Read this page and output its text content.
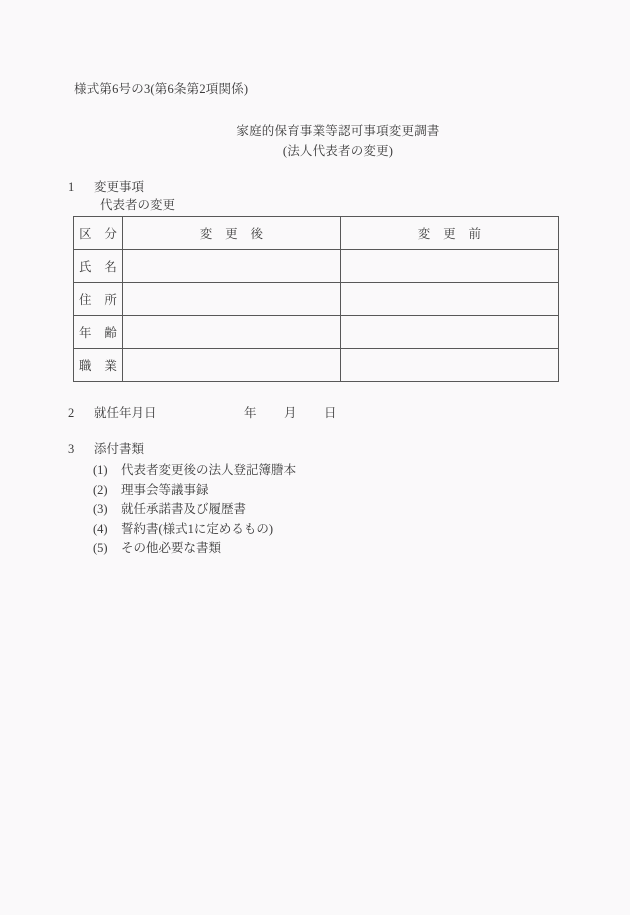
様式第6号の3(第6条第2項関係)
家庭的保育事業等認可事項変更調書
(法人代表者の変更)
1 変更事項
代表者の変更
区　分	変　更　後	変　更　前
氏　名		
住　所		
年　齢		
職　業		
2 就任年月日	年 月 日
3 添付書類
(1) 代表者変更後の法人登記簿謄本
(2) 理事会等議事録
(3) 就任承諾書及び履歴書
(4) 誓約書(様式1に定めるもの)
(5) その他必要な書類
